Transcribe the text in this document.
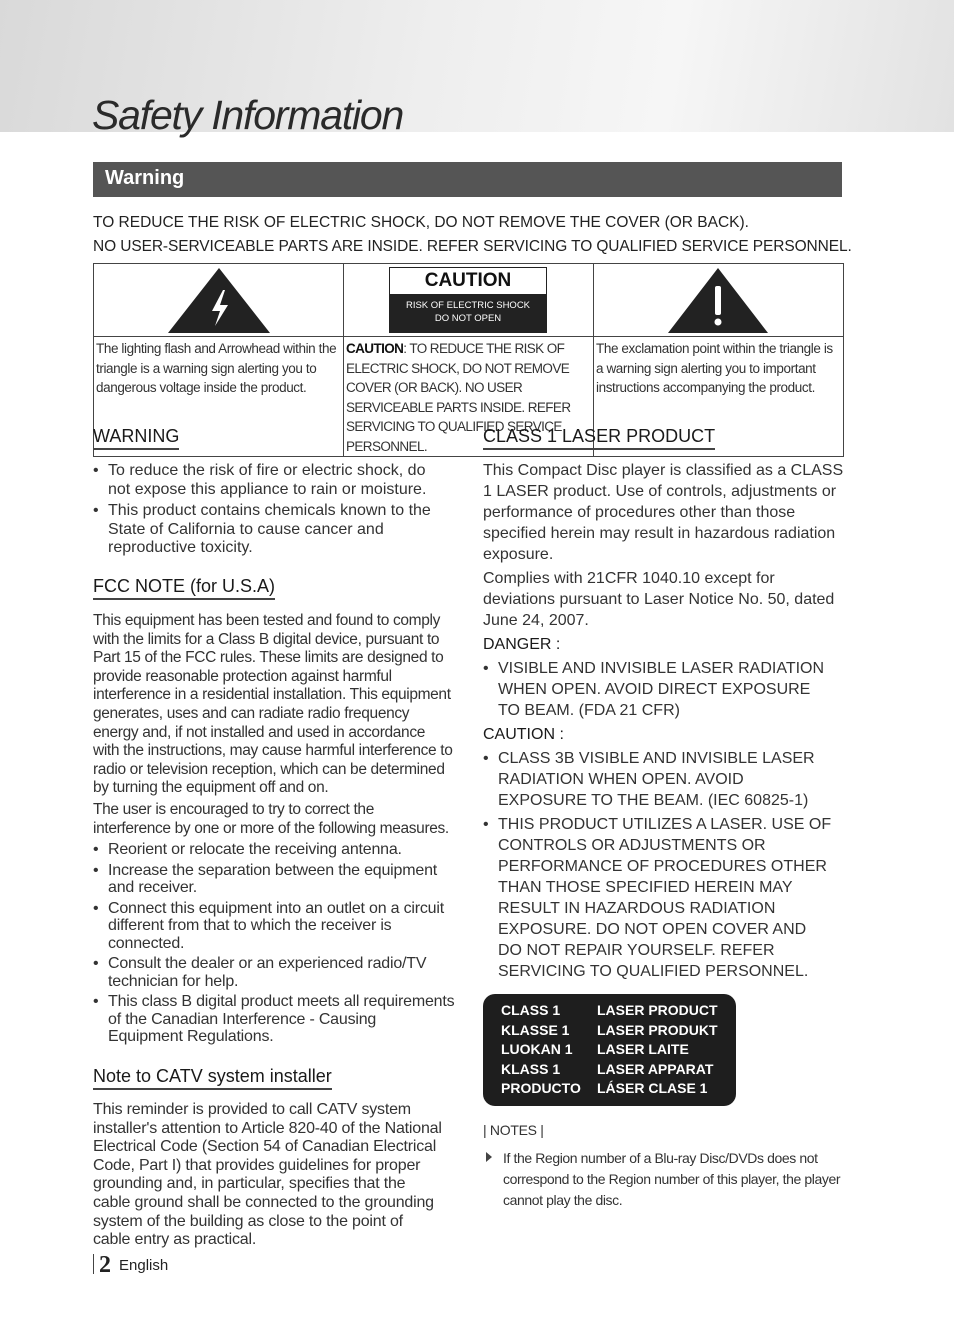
Safety Information
Warning
TO REDUCE THE RISK OF ELECTRIC SHOCK, DO NOT REMOVE THE COVER (OR BACK).
NO USER-SERVICEABLE PARTS ARE INSIDE. REFER SERVICING TO QUALIFIED SERVICE PERSONNEL.

CAUTION
RISK OF ELECTRIC SHOCK
DO NOT OPEN

The lighting flash and Arrowhead within the triangle is a warning sign alerting you to dangerous voltage inside the product.	CAUTION: TO REDUCE THE RISK OF ELECTRIC SHOCK, DO NOT REMOVE COVER (OR BACK). NO USER SERVICEABLE PARTS INSIDE. REFER SERVICING TO QUALIFIED SERVICE PERSONNEL.	The exclamation point within the triangle is a warning sign alerting you to important instructions accompanying the product.
WARNING
• To reduce the risk of fire or electric shock, do not expose this appliance to rain or moisture.
• This product contains chemicals known to the State of California to cause cancer and reproductive toxicity.
FCC NOTE (for U.S.A)

This equipment has been tested and found to comply with the limits for a Class B digital device, pursuant to Part 15 of the FCC rules. These limits are designed to provide reasonable protection against harmful interference in a residential installation. This equipment generates, uses and can radiate radio frequency energy and, if not installed and used in accordance with the instructions, may cause harmful interference to radio or television reception, which can be determined by turning the equipment off and on.

The user is encouraged to try to correct the interference by one or more of the following measures.

• Reorient or relocate the receiving antenna.
• Increase the separation between the equipment and receiver.
• Connect this equipment into an outlet on a circuit different from that to which the receiver is connected.
• Consult the dealer or an experienced radio/TV technician for help.
• This class B digital product meets all requirements of the Canadian Interference - Causing Equipment Regulations.
Note to CATV system installer

This reminder is provided to call CATV system installer's attention to Article 820-40 of the National Electrical Code (Section 54 of Canadian Electrical Code, Part I) that provides guidelines for proper grounding and, in particular, specifies that the cable ground shall be connected to the grounding system of the building as close to the point of cable entry as practical.

CLASS 1 LASER PRODUCT

This Compact Disc player is classified as a CLASS 1 LASER product. Use of controls, adjustments or performance of procedures other than those specified herein may result in hazardous radiation exposure.

Complies with 21CFR 1040.10 except for deviations pursuant to Laser Notice No. 50, dated June 24, 2007.

DANGER :
• VISIBLE AND INVISIBLE LASER RADIATION WHEN OPEN. AVOID DIRECT EXPOSURE TO BEAM. (FDA 21 CFR)
CAUTION :
• CLASS 3B VISIBLE AND INVISIBLE LASER RADIATION WHEN OPEN. AVOID EXPOSURE TO THE BEAM. (IEC 60825-1)
• THIS PRODUCT UTILIZES A LASER. USE OF CONTROLS OR ADJUSTMENTS OR PERFORMANCE OF PROCEDURES OTHER THAN THOSE SPECIFIED HEREIN MAY RESULT IN HAZARDOUS RADIATION EXPOSURE. DO NOT OPEN COVER AND DO NOT REPAIR YOURSELF. REFER SERVICING TO QUALIFIED PERSONNEL.
CLASS 1	LASER PRODUCT
KLASSE 1	LASER PRODUKT
LUOKAN 1	LASER LAITE
KLASS 1	LASER APPARAT
PRODUCTO	LÁSER CLASE 1
| NOTES |
If the Region number of a Blu-ray Disc/DVDs does not correspond to the Region number of this player, the player cannot play the disc.
2 English
